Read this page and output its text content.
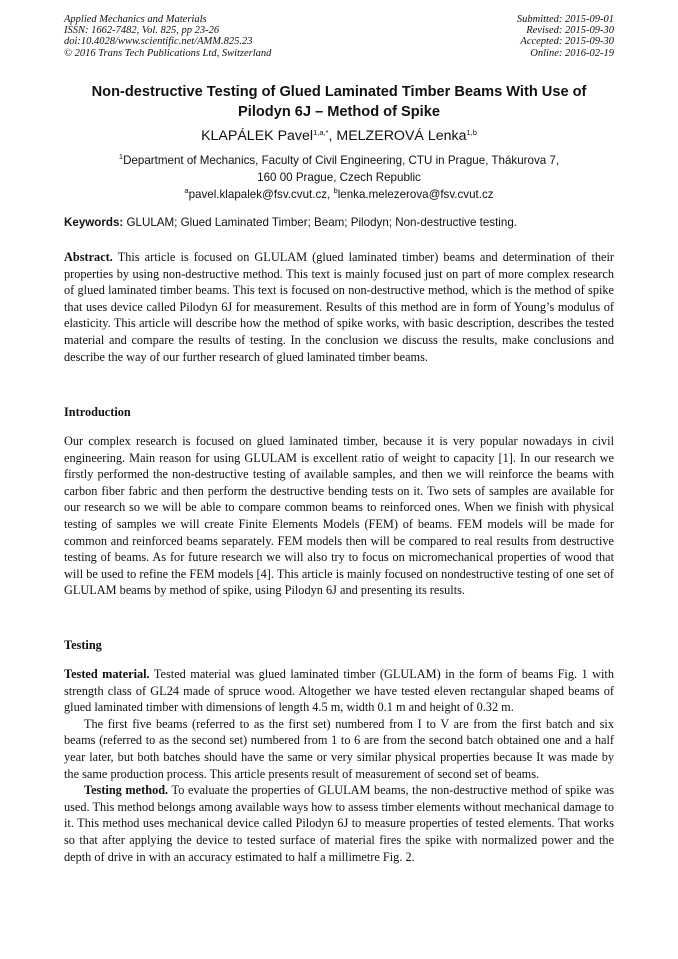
Applied Mechanics and Materials
ISSN: 1662-7482, Vol. 825, pp 23-26
doi:10.4028/www.scientific.net/AMM.825.23
© 2016 Trans Tech Publications Ltd, Switzerland
Submitted: 2015-09-01
Revised: 2015-09-30
Accepted: 2015-09-30
Online: 2016-02-19
Non-destructive Testing of Glued Laminated Timber Beams With Use of
Pilodyn 6J – Method of Spike
KLAPÁLEK Pavel$^{1,a,*}$, MELZEROVÁ Lenka$^{1,b}$
$^1$Department of Mechanics, Faculty of Civil Engineering, CTU in Prague, Thákurova 7,
160 00 Prague, Czech Republic
$^a$pavel.klapalek@fsv.cvut.cz, $^b$lenka.melezerova@fsv.cvut.cz
Keywords: GLULAM; Glued Laminated Timber; Beam; Pilodyn; Non-destructive testing.

Abstract. This article is focused on GLULAM (glued laminated timber) beams and determination of their properties by using non-destructive method. This text is mainly focused just on part of more complex research of glued laminated timber beams. This text is focused on non-destructive method, which is the method of spike that uses device called Pilodyn 6J for measurement. Results of this method are in form of Young’s modulus of elasticity. This article will describe how the method of spike works, with basic description, describes the tested material and compare the results of testing. In the conclusion we discuss the results, make conclusions and describe the way of our further research of glued laminated timber beams.

Introduction

Our complex research is focused on glued laminated timber, because it is very popular nowadays in civil engineering. Main reason for using GLULAM is excellent ratio of weight to capacity [1]. In our research we firstly performed the non-destructive testing of available samples, and then we will reinforce the beams with carbon fiber fabric and then perform the destructive bending tests on it. Two sets of samples are available for our research so we will be able to compare common beams to reinforced ones. When we finish with physical testing of samples we will create Finite Elements Models (FEM) of beams. FEM models will be made for common and reinforced beams separately. FEM models then will be compared to real results from destructive testing of beams. As for future research we will also try to focus on micromechanical properties of wood that will be used to refine the FEM models [4]. This article is mainly focused on nondestructive testing of one set of GLULAM beams by method of spike, using Pilodyn 6J and presenting its results.

Testing

Tested material. Tested material was glued laminated timber (GLULAM) in the form of beams Fig. 1 with strength class of GL24 made of spruce wood. Altogether we have tested eleven rectangular shaped beams of glued laminated timber with dimensions of length 4.5 m, width 0.1 m and height of 0.32 m.

The first five beams (referred to as the first set) numbered from I to V are from the first batch and six beams (referred to as the second set) numbered from 1 to 6 are from the second batch obtained one and a half year later, but both batches should have the same or very similar physical properties because It was made by the same production process. This article presents result of measurement of second set of beams.

Testing method. To evaluate the properties of GLULAM beams, the non-destructive method of spike was used. This method belongs among available ways how to assess timber elements without mechanical damage to it. This method uses mechanical device called Pilodyn 6J to measure properties of tested elements. That works so that after applying the device to tested surface of material fires the spike with normalized power and the depth of drive in with an accuracy estimated to half a millimetre Fig. 2.
